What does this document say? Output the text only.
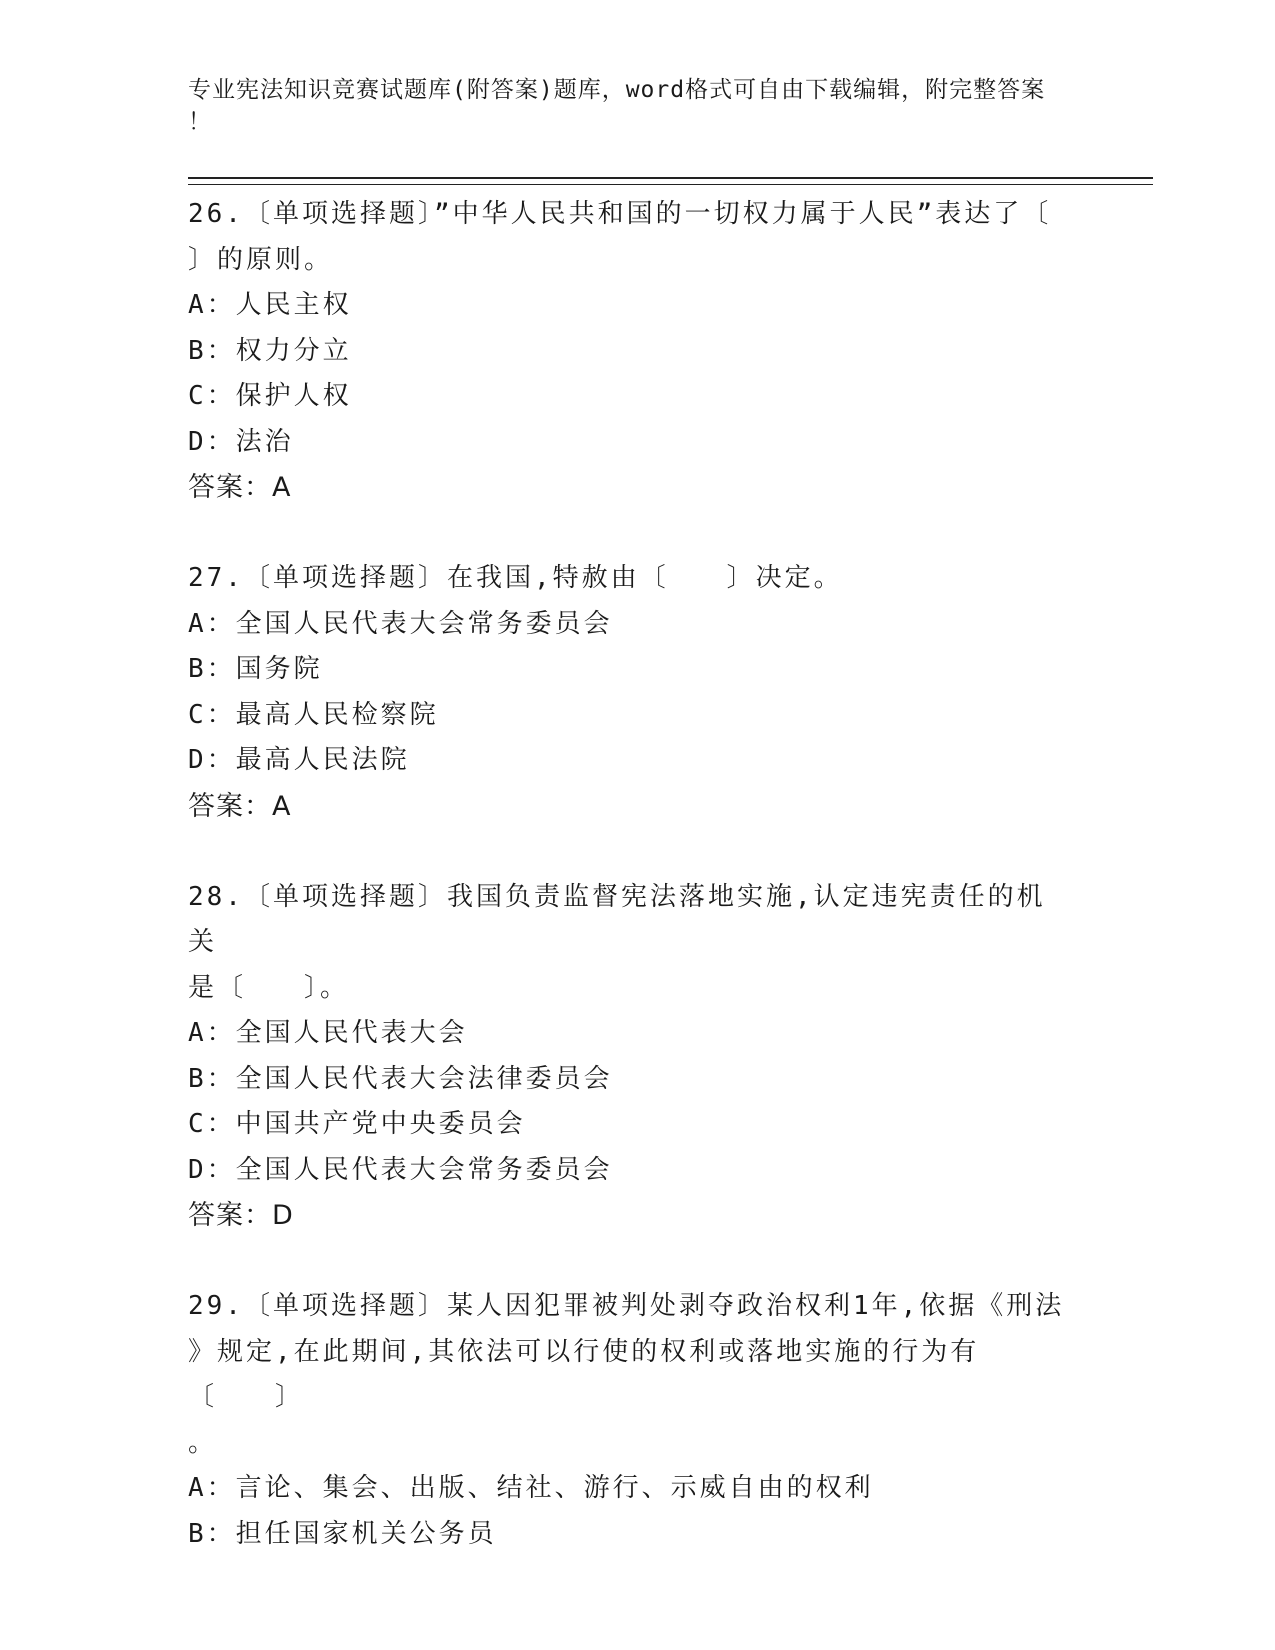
专业宪法知识竞赛试题库(附答案)题库，word格式可自由下载编辑，附完整答案
！
26.〔单项选择题〕”中华人民共和国的一切权力属于人民”表达了〔
〕的原则。
A：人民主权
B：权力分立
C：保护人权
D：法治
答案：A
27.〔单项选择题〕在我国,特赦由〔　　〕决定。
A：全国人民代表大会常务委员会
B：国务院
C：最高人民检察院
D：最高人民法院
答案：A
28.〔单项选择题〕我国负责监督宪法落地实施,认定违宪责任的机关
是〔　　〕。
A：全国人民代表大会
B：全国人民代表大会法律委员会
C：中国共产党中央委员会
D：全国人民代表大会常务委员会
答案：D
29.〔单项选择题〕某人因犯罪被判处剥夺政治权利1年,依据《刑法
》规定,在此期间,其依法可以行使的权利或落地实施的行为有〔　　〕
。
A：言论、集会、出版、结社、游行、示威自由的权利
B：担任国家机关公务员
